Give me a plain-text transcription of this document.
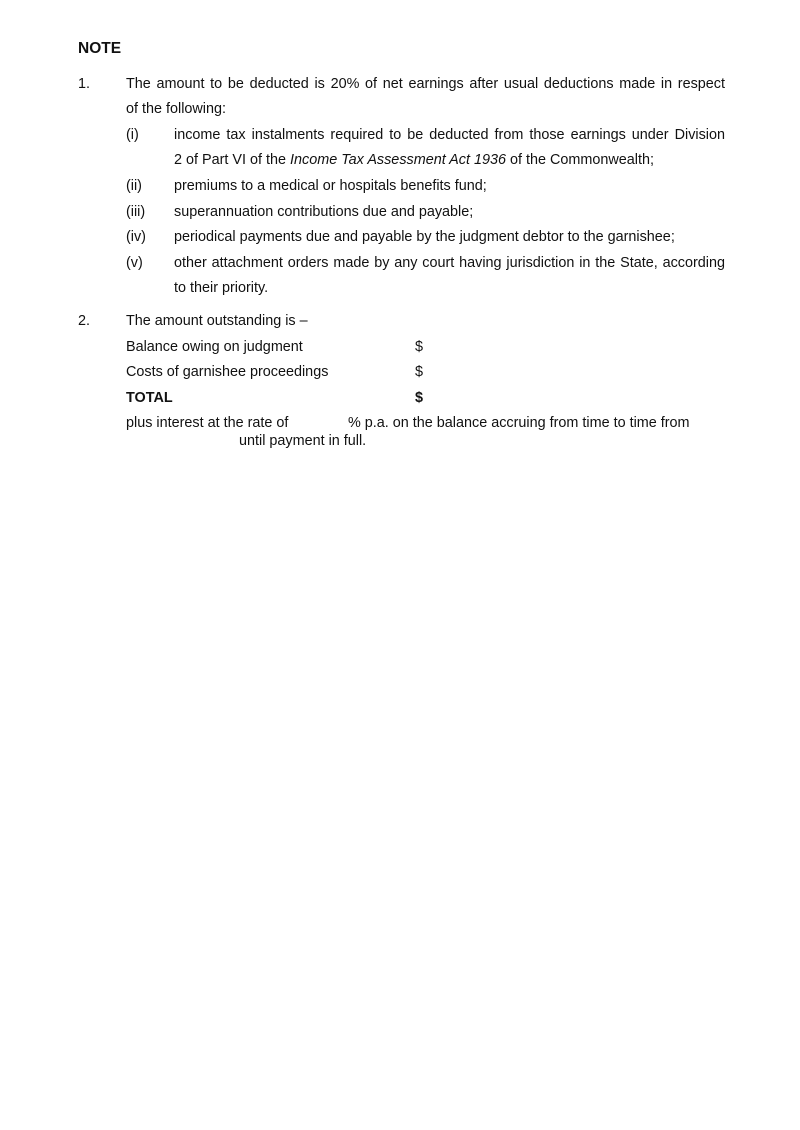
NOTE
1. The amount to be deducted is 20% of net earnings after usual deductions made in respect
of the following:
(i) income tax instalments required to be deducted from those earnings under Division
2 of Part VI of the Income Tax Assessment Act 1936 of the Commonwealth;
(ii) premiums to a medical or hospitals benefits fund;
(iii) superannuation contributions due and payable;
(iv) periodical payments due and payable by the judgment debtor to the garnishee;
(v) other attachment orders made by any court having jurisdiction in the State, according
to their priority.
2. The amount outstanding is –
Balance owing on judgment	$
Costs of garnishee proceedings	$
TOTAL	$
plus interest at the rate of	% p.a. on the balance accruing from time to time from
until payment in full.
